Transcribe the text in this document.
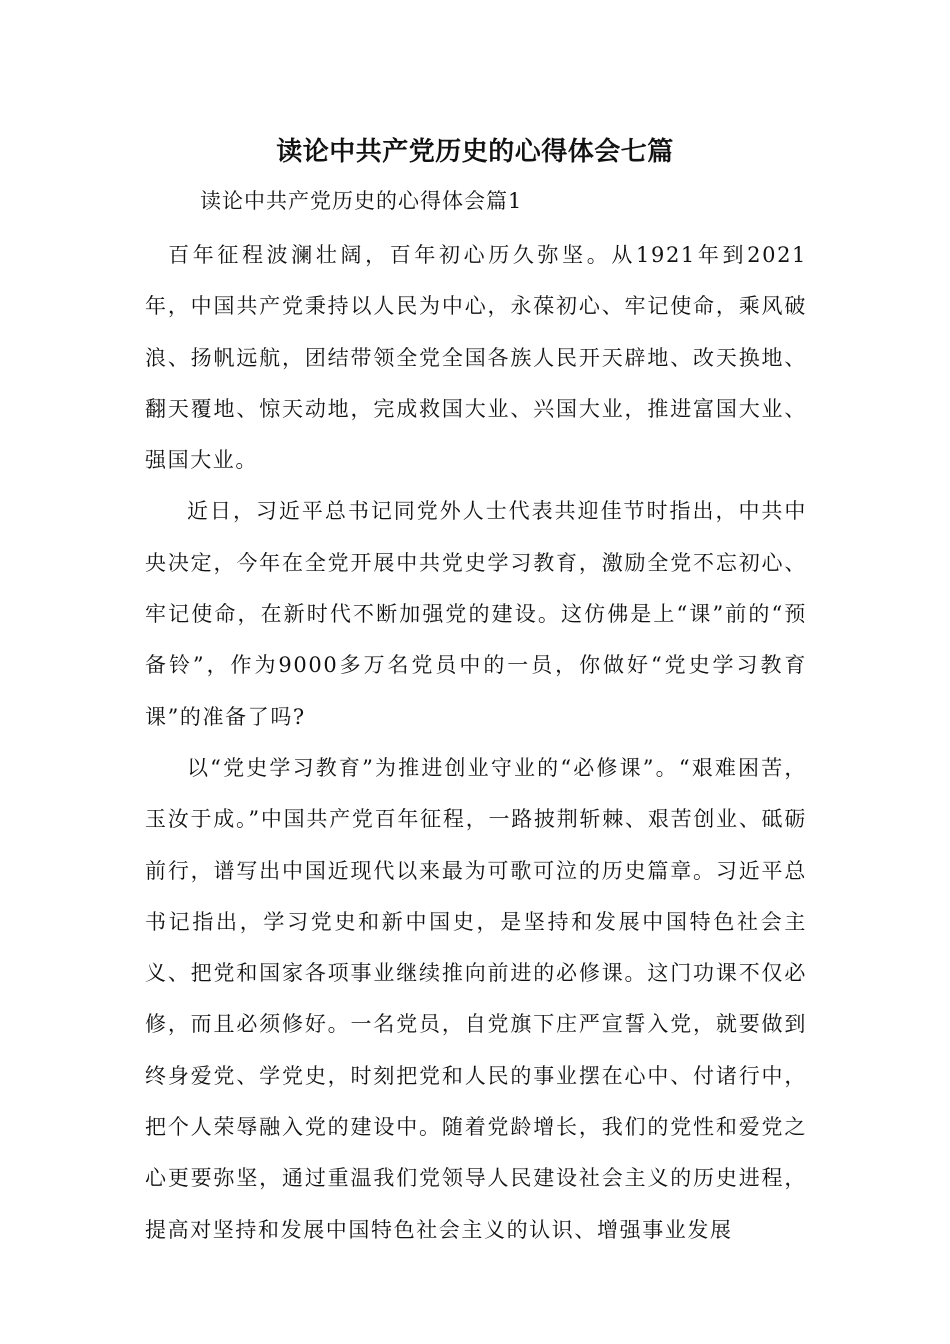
读论中共产党历史的心得体会七篇

读论中共产党历史的心得体会篇1

百年征程波澜壮阔，百年初心历久弥坚。从1921年到2021年，中国共产党秉持以人民为中心，永葆初心、牢记使命，乘风破浪、扬帆远航，团结带领全党全国各族人民开天辟地、改天换地、翻天覆地、惊天动地，完成救国大业、兴国大业，推进富国大业、强国大业。

近日，习近平总书记同党外人士代表共迎佳节时指出，中共中央决定，今年在全党开展中共党史学习教育，激励全党不忘初心、牢记使命，在新时代不断加强党的建设。这仿佛是上“课”前的“预备铃”，作为9000多万名党员中的一员，你做好“党史学习教育课”的准备了吗?

以“党史学习教育”为推进创业守业的“必修课”。“艰难困苦，玉汝于成。”中国共产党百年征程，一路披荆斩棘、艰苦创业、砥砺前行，谱写出中国近现代以来最为可歌可泣的历史篇章。习近平总书记指出，学习党史和新中国史，是坚持和发展中国特色社会主义、把党和国家各项事业继续推向前进的必修课。这门功课不仅必修，而且必须修好。一名党员，自党旗下庄严宣誓入党，就要做到终身爱党、学党史，时刻把党和人民的事业摆在心中、付诸行中，把个人荣辱融入党的建设中。随着党龄增长，我们的党性和爱党之心更要弥坚，通过重温我们党领导人民建设社会主义的历史进程，提高对坚持和发展中国特色社会主义的认识、增强事业发展
